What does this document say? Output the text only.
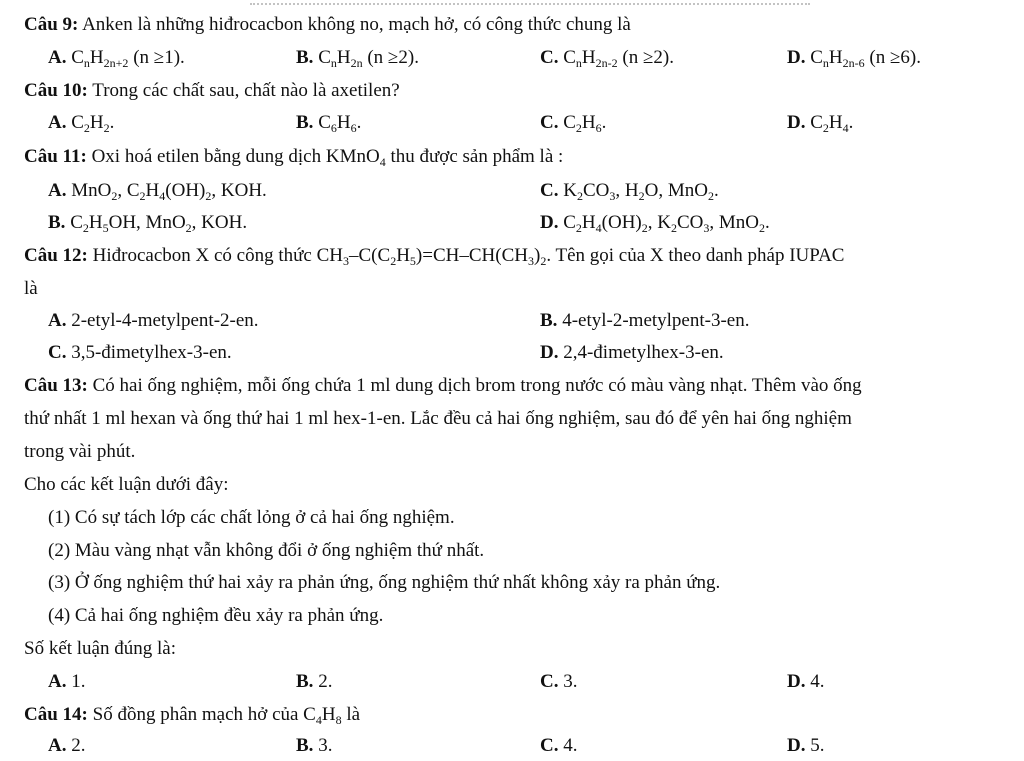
Câu 9: Anken là những hiđrocacbon không no, mạch hở, có công thức chung là
A. $C_nH_{2n+2}$ (n ≥1).	B. $C_nH_{2n}$ (n ≥2).	C. $C_nH_{2n-2}$ (n ≥2).	D. $C_nH_{2n-6}$ (n ≥6).
Câu 10: Trong các chất sau, chất nào là axetilen?
A. $C_2H_2$.	B. $C_6H_6$.	C. $C_2H_6$.	D. $C_2H_4$.
Câu 11: Oxi hoá etilen bằng dung dịch KMnO$_4$ thu được sản phẩm là :
A. MnO$_2$, $C_2H_4(OH)_2$, KOH.	C. $K_2CO_3$, $H_2O$, MnO$_2$.
B. $C_2H_5OH$, MnO$_2$, KOH.	D. $C_2H_4(OH)_2$, $K_2CO_3$, MnO$_2$.
Câu 12: Hiđrocacbon X có công thức $CH_3-C(C_2H_5)=CH-CH(CH_3)_2$. Tên gọi của X theo danh pháp IUPAC
là
A. 2-etyl-4-metylpent-2-en.	B. 4-etyl-2-metylpent-3-en.
C. 3,5-đimetylhex-3-en.	D. 2,4-đimetylhex-3-en.
Câu 13: Có hai ống nghiệm, mỗi ống chứa 1 ml dung dịch brom trong nước có màu vàng nhạt. Thêm vào ống
thứ nhất 1 ml hexan và ống thứ hai 1 ml hex-1-en. Lắc đều cả hai ống nghiệm, sau đó để yên hai ống nghiệm
trong vài phút.
Cho các kết luận dưới đây:
(1) Có sự tách lớp các chất lỏng ở cả hai ống nghiệm.
(2) Màu vàng nhạt vẫn không đổi ở ống nghiệm thứ nhất.
(3) Ở ống nghiệm thứ hai xảy ra phản ứng, ống nghiệm thứ nhất không xảy ra phản ứng.
(4) Cả hai ống nghiệm đều xảy ra phản ứng.
Số kết luận đúng là:
A. 1.	B. 2.	C. 3.	D. 4.
Câu 14: Số đồng phân mạch hở của $C_4H_8$ là
A. 2.	B. 3.	C. 4.	D. 5.
